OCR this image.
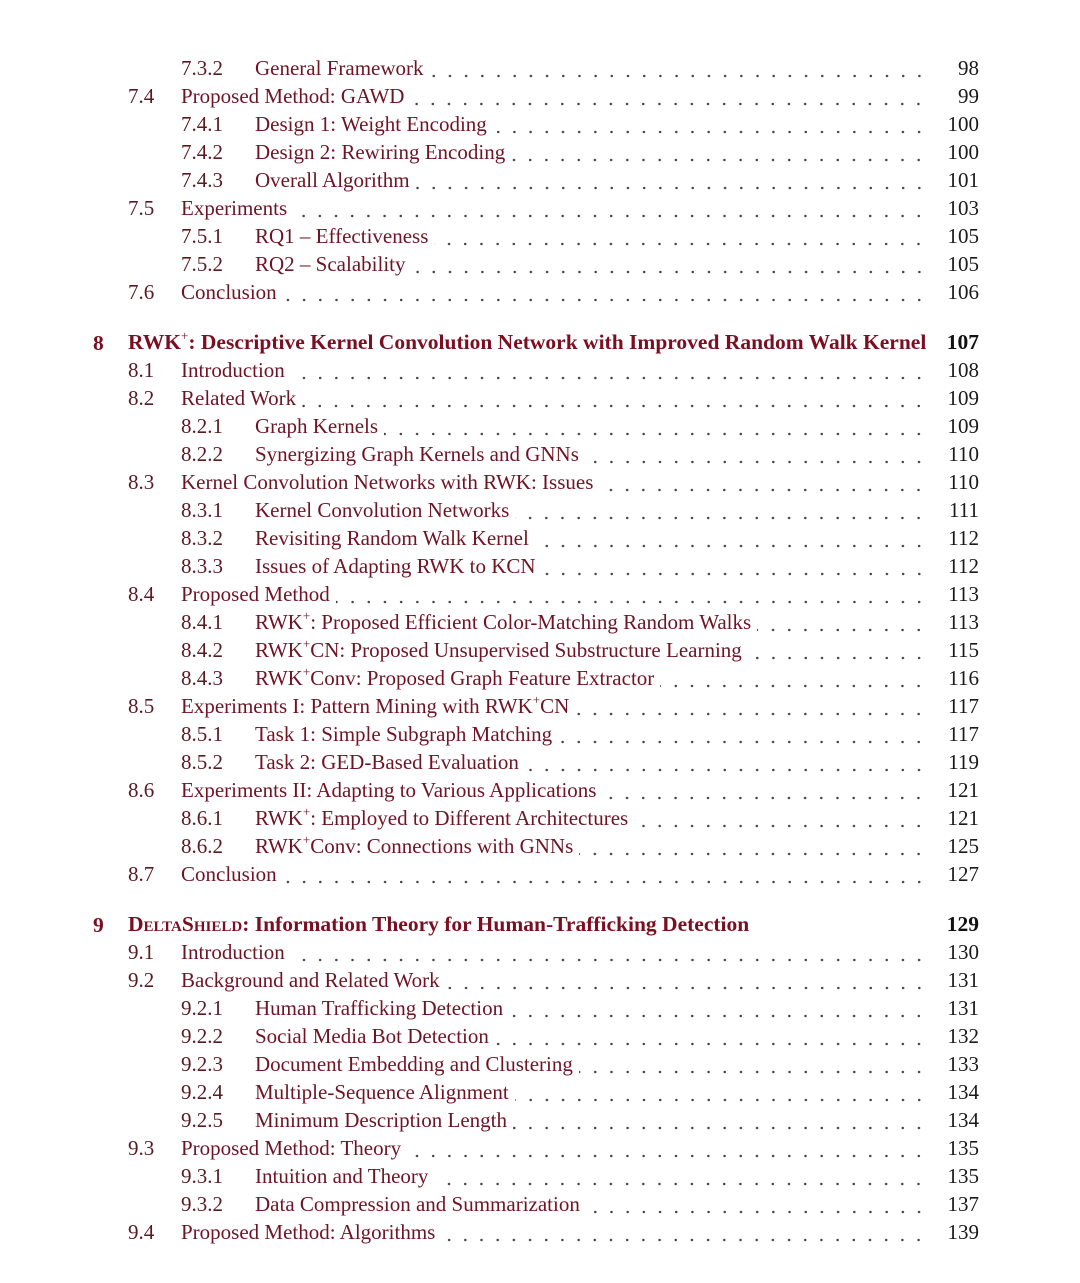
7.3.2 General Framework	98
7.4 Proposed Method: GAWD	99
7.4.1 Design 1: Weight Encoding	100
7.4.2 Design 2: Rewiring Encoding	100
7.4.3 Overall Algorithm	101
7.5 Experiments	103
7.5.1 RQ1 – Effectiveness	105
7.5.2 RQ2 – Scalability	105
7.6 Conclusion	106
8 RWK+: Descriptive Kernel Convolution Network with Improved Random Walk Kernel 107
8.1 Introduction	108
8.2 Related Work	109
8.2.1 Graph Kernels	109
8.2.2 Synergizing Graph Kernels and GNNs	110
8.3 Kernel Convolution Networks with RWK: Issues	110
8.3.1 Kernel Convolution Networks	111
8.3.2 Revisiting Random Walk Kernel	112
8.3.3 Issues of Adapting RWK to KCN	112
8.4 Proposed Method	113
8.4.1 RWK+: Proposed Efficient Color-Matching Random Walks	113
8.4.2 RWK+CN: Proposed Unsupervised Substructure Learning	115
8.4.3 RWK+Conv: Proposed Graph Feature Extractor	116
8.5 Experiments I: Pattern Mining with RWK+CN	117
8.5.1 Task 1: Simple Subgraph Matching	117
8.5.2 Task 2: GED-Based Evaluation	119
8.6 Experiments II: Adapting to Various Applications	121
8.6.1 RWK+: Employed to Different Architectures	121
8.6.2 RWK+Conv: Connections with GNNs	125
8.7 Conclusion	127
9 DeltaShield: Information Theory for Human-Trafficking Detection	129
9.1 Introduction	130
9.2 Background and Related Work	131
9.2.1 Human Trafficking Detection	131
9.2.2 Social Media Bot Detection	132
9.2.3 Document Embedding and Clustering	133
9.2.4 Multiple-Sequence Alignment	134
9.2.5 Minimum Description Length	134
9.3 Proposed Method: Theory	135
9.3.1 Intuition and Theory	135
9.3.2 Data Compression and Summarization	137
9.4 Proposed Method: Algorithms	139
